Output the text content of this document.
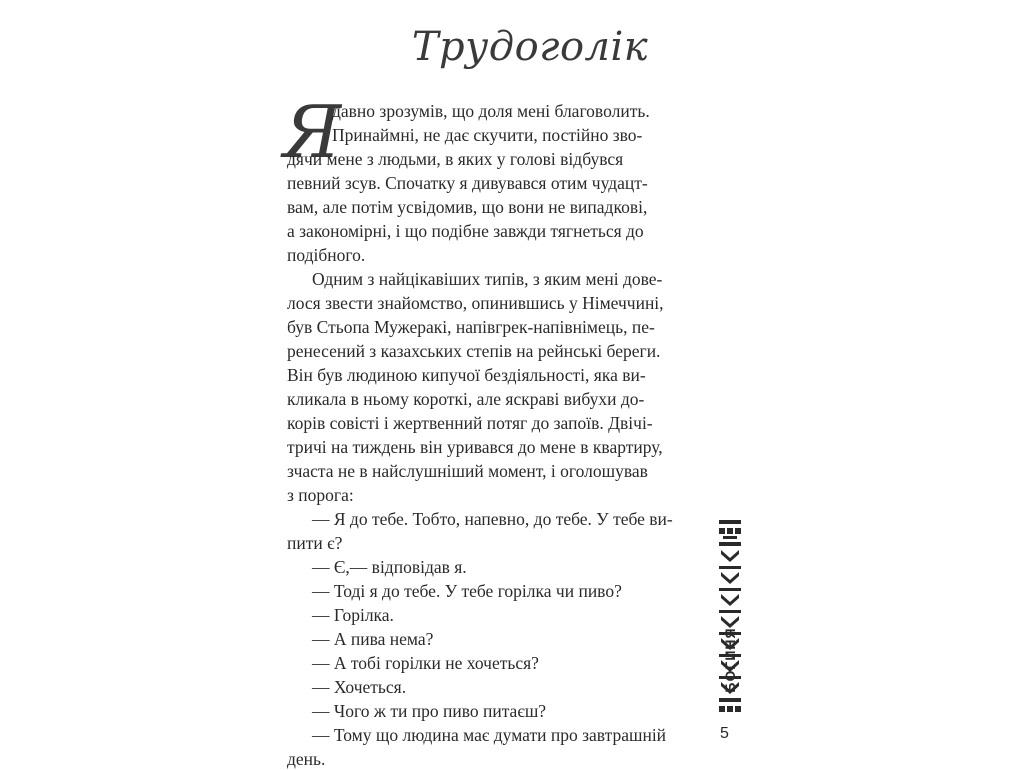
Трудоголік
Я
давно зрозумів, що доля мені благоволить.
Принаймні, не дає скучити, постійно зво-
дячи мене з людьми, в яких у голові відбувся
певний зсув. Спочатку я дивувався отим чудацт-
вам, але потім усвідомив, що вони не випадкові,
а закономірні, і що подібне завжди тягнеться до
подібного.
Одним з найцікавіших типів, з яким мені дове-
лося звести знайомство, опинившись у Німеччині,
був Стьопа Мужеракі, напівгрек-напівнімець, пе-
ренесений з казахських степів на рейнські береги.
Він був людиною кипучої бездіяльності, яка ви-
кликала в ньому короткі, але яскраві вибухи до-
корів совісті і жертвенний потяг до запоїв. Двічі-
тричі на тиждень він уривався до мене в квартиру,
зчаста не в найслушніший момент, і оголошував
з порога:
— Я до тебе. Тобто, напевно, до тебе. У тебе ви-
пити є?
— Є,— відповідав я.
— Тоді я до тебе. У тебе горілка чи пиво?
— Горілка.
— А пива нема?
— А тобі горілки не хочеться?
— Хочеться.
— Чого ж ти про пиво питаєш?
— Тому що людина має думати про завтрашній
день.
БОГИНЯ
5
